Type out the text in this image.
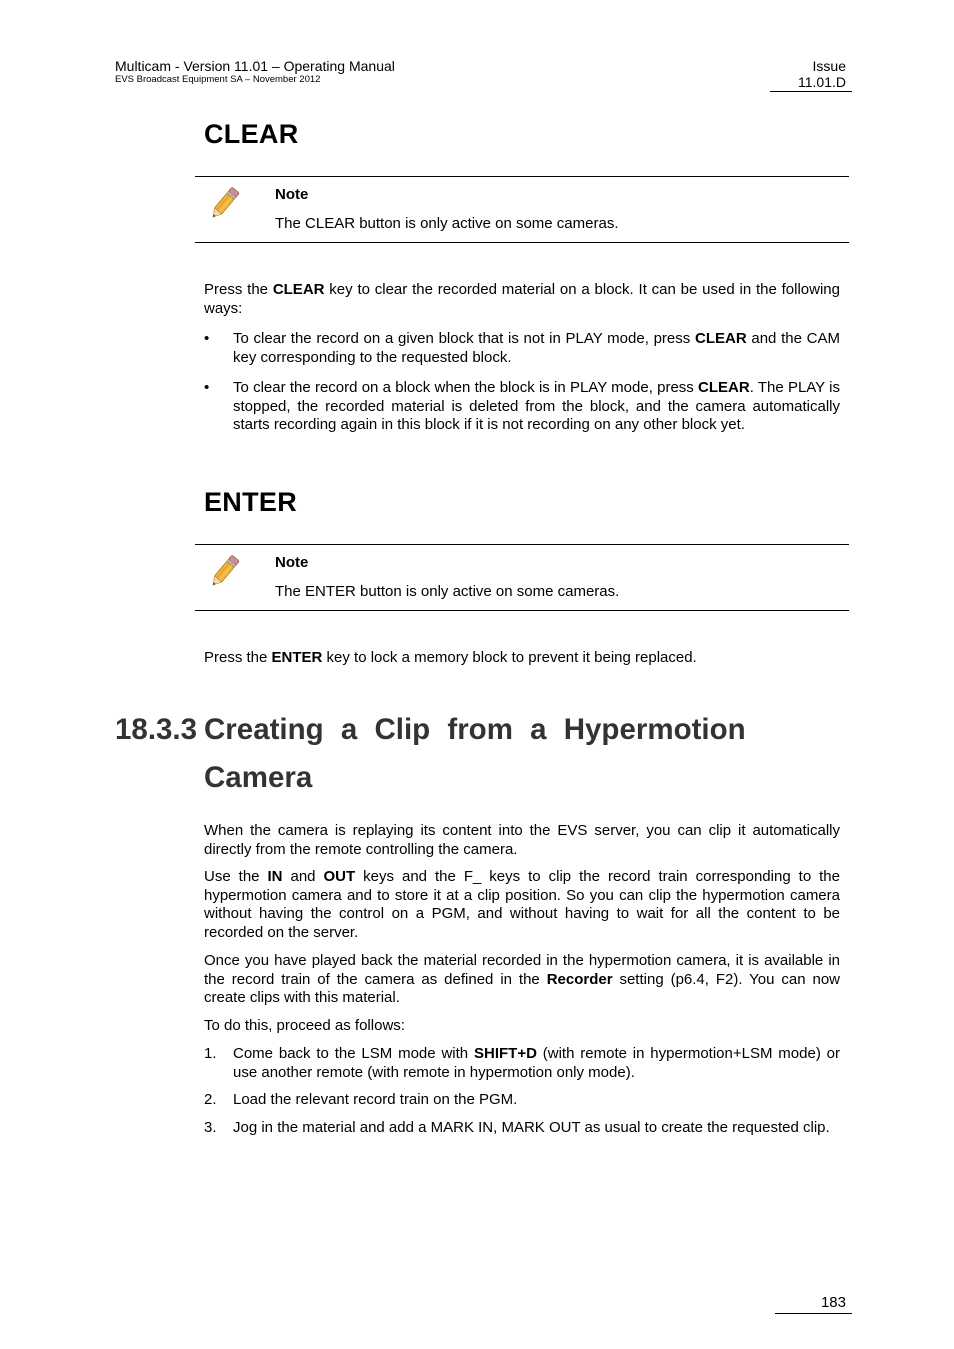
Multicam - Version 11.01 – Operating Manual
EVS Broadcast Equipment SA – November 2012
Issue
11.01.D
CLEAR
Note
The CLEAR button is only active on some cameras.

Press the CLEAR key to clear the recorded material on a block. It can be used in the following ways:

• To clear the record on a given block that is not in PLAY mode, press CLEAR and the CAM key corresponding to the requested block.
• To clear the record on a block when the block is in PLAY mode, press CLEAR. The PLAY is stopped, the recorded material is deleted from the block, and the camera automatically starts recording again in this block if it is not recording on any other block yet.
ENTER
Note
The ENTER button is only active on some cameras.

Press the ENTER key to lock a memory block to prevent it being replaced.

18.3.3 Creating a Clip from a Hypermotion
Camera

When the camera is replaying its content into the EVS server, you can clip it automatically directly from the remote controlling the camera.

Use the IN and OUT keys and the F_ keys to clip the record train corresponding to the hypermotion camera and to store it at a clip position. So you can clip the hypermotion camera without having the control on a PGM, and without having to wait for all the content to be recorded on the server.

Once you have played back the material recorded in the hypermotion camera, it is available in the record train of the camera as defined in the Recorder setting (p6.4, F2). You can now create clips with this material.

To do this, proceed as follows:

1. Come back to the LSM mode with SHIFT+D (with remote in hypermotion+LSM mode) or use another remote (with remote in hypermotion only mode).
2. Load the relevant record train on the PGM.
3. Jog in the material and add a MARK IN, MARK OUT as usual to create the requested clip.
183
